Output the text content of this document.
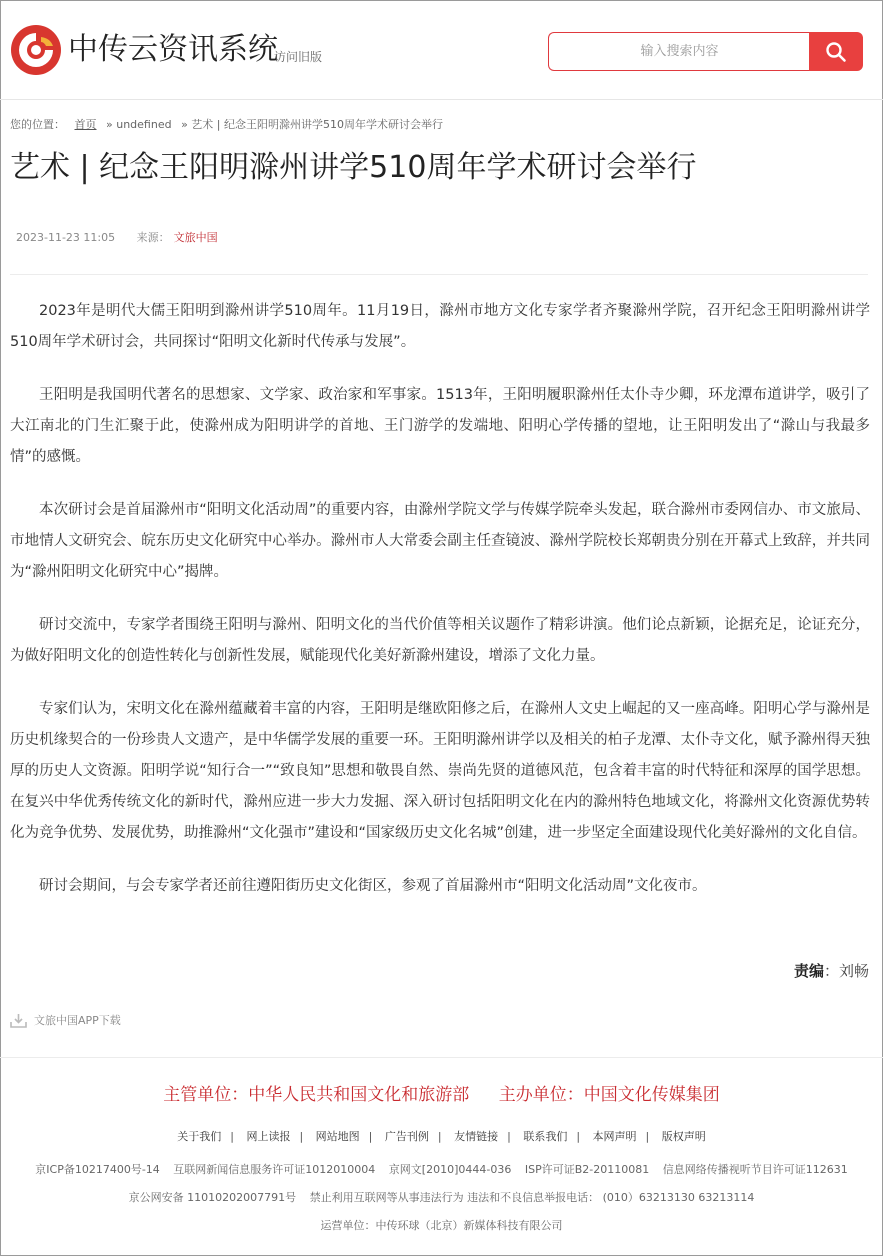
中传云资讯系统
访问旧版
输入搜索内容
您的位置： 首页 » undefined » 艺术 | 纪念王阳明滁州讲学510周年学术研讨会举行
艺术 | 纪念王阳明滁州讲学510周年学术研讨会举行
2023-11-23 11:05 来源： 文旅中国

2023年是明代大儒王阳明到滁州讲学510周年。11月19日，滁州市地方文化专家学者齐聚滁州学院，召开纪念王阳明滁州讲学510周年学术研讨会，共同探讨“阳明文化新时代传承与发展”。

王阳明是我国明代著名的思想家、文学家、政治家和军事家。1513年，王阳明履职滁州任太仆寺少卿，环龙潭布道讲学，吸引了大江南北的门生汇聚于此，使滁州成为阳明讲学的首地、王门游学的发端地、阳明心学传播的望地，让王阳明发出了“滁山与我最多情”的感慨。

本次研讨会是首届滁州市“阳明文化活动周”的重要内容，由滁州学院文学与传媒学院牵头发起，联合滁州市委网信办、市文旅局、市地情人文研究会、皖东历史文化研究中心举办。滁州市人大常委会副主任查镜波、滁州学院校长郑朝贵分别在开幕式上致辞，并共同为“滁州阳明文化研究中心”揭牌。

研讨交流中，专家学者围绕王阳明与滁州、阳明文化的当代价值等相关议题作了精彩讲演。他们论点新颖，论据充足，论证充分，为做好阳明文化的创造性转化与创新性发展，赋能现代化美好新滁州建设，增添了文化力量。

专家们认为，宋明文化在滁州蕴藏着丰富的内容，王阳明是继欧阳修之后，在滁州人文史上崛起的又一座高峰。阳明心学与滁州是历史机缘契合的一份珍贵人文遗产，是中华儒学发展的重要一环。王阳明滁州讲学以及相关的柏子龙潭、太仆寺文化，赋予滁州得天独厚的历史人文资源。阳明学说“知行合一”“致良知”思想和敬畏自然、崇尚先贤的道德风范，包含着丰富的时代特征和深厚的国学思想。在复兴中华优秀传统文化的新时代，滁州应进一步大力发掘、深入研讨包括阳明文化在内的滁州特色地域文化，将滁州文化资源优势转化为竞争优势、发展优势，助推滁州“文化强市”建设和“国家级历史文化名城”创建，进一步坚定全面建设现代化美好滁州的文化自信。

研讨会期间，与会专家学者还前往遵阳街历史文化街区，参观了首届滁州市“阳明文化活动周”文化夜市。

责编：刘畅
文旅中国APP下载
主管单位：中华人民共和国文化和旅游部 主办单位：中国文化传媒集团
关于我们 | 网上读报 | 网站地图 | 广告刊例 | 友情链接 | 联系我们 | 本网声明 | 版权声明
京ICP备10217400号-14 互联网新闻信息服务许可证1012010004 京网文[2010]0444-036 ISP许可证B2-20110081 信息网络传播视听节目许可证112631
京公网安备 11010202007791号 禁止利用互联网等从事违法行为 违法和不良信息举报电话： (010）63213130 63213114
运营单位：中传环球（北京）新媒体科技有限公司
